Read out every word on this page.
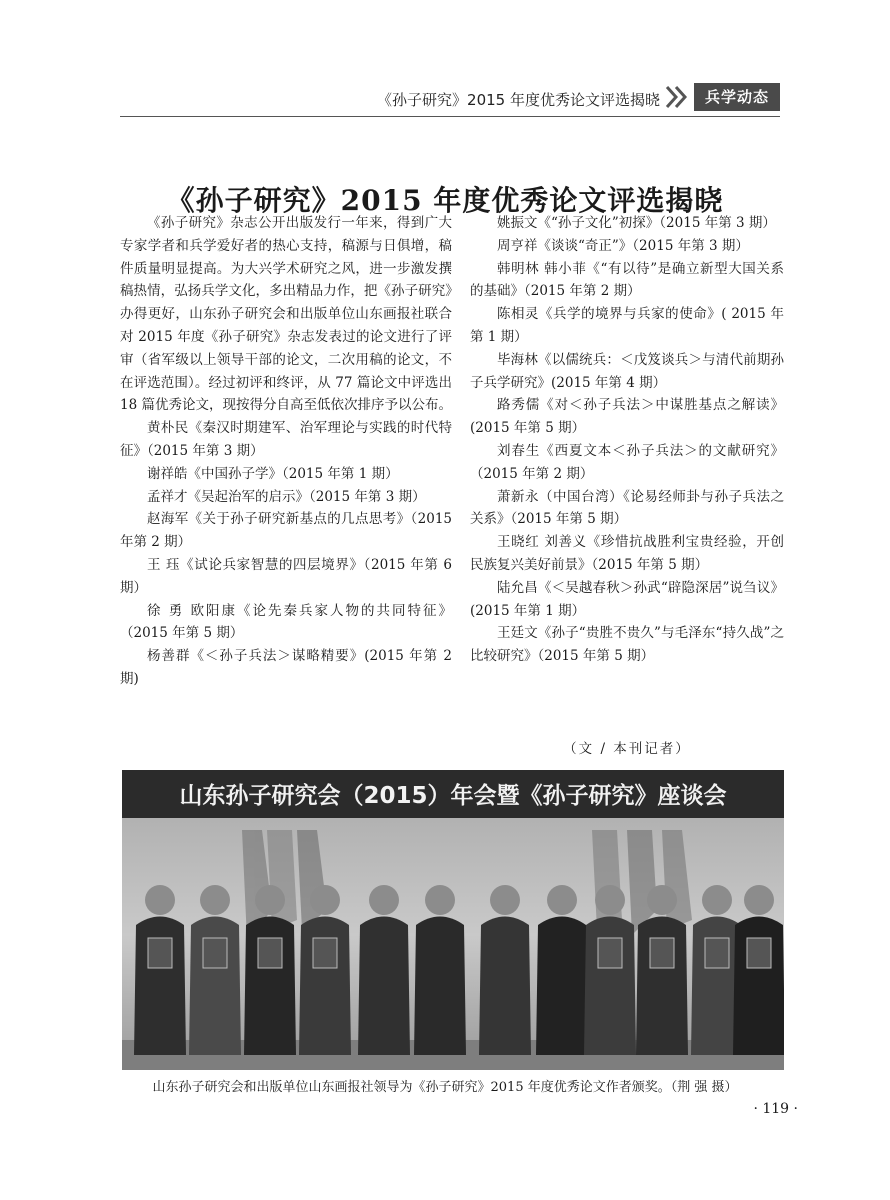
《孙子研究》2015 年度优秀论文评选揭晓	兵学动态
《孙子研究》2015 年度优秀论文评选揭晓

《孙子研究》杂志公开出版发行一年来，得到广大专家学者和兵学爱好者的热心支持，稿源与日俱增，稿件质量明显提高。为大兴学术研究之风，进一步激发撰稿热情，弘扬兵学文化，多出精品力作，把《孙子研究》办得更好，山东孙子研究会和出版单位山东画报社联合对 2015 年度《孙子研究》杂志发表过的论文进行了评审（省军级以上领导干部的论文，二次用稿的论文，不在评选范围）。经过初评和终评，从 77 篇论文中评选出 18 篇优秀论文，现按得分自高至低依次排序予以公布。

黄朴民《秦汉时期建军、治军理论与实践的时代特征》（2015 年第 3 期）

谢祥皓《中国孙子学》（2015 年第 1 期）

孟祥才《吴起治军的启示》（2015 年第 3 期）

赵海军《关于孙子研究新基点的几点思考》（2015 年第 2 期）

王 珏《试论兵家智慧的四层境界》（2015 年第 6 期）

徐 勇 欧阳康《论先秦兵家人物的共同特征》（2015 年第 5 期）

杨善群《＜孙子兵法＞谋略精要》(2015 年第 2 期)

姚振文《“孙子文化”初探》（2015 年第 3 期）

周亨祥《谈谈“奇正”》（2015 年第 3 期）

韩明林 韩小菲《“有以待”是确立新型大国关系的基础》（2015 年第 2 期）

陈相灵《兵学的境界与兵家的使命》( 2015 年第 1 期）

毕海林《以儒统兵：＜戊笈谈兵＞与清代前期孙子兵学研究》(2015 年第 4 期）

路秀儒《对＜孙子兵法＞中谋胜基点之解读》(2015 年第 5 期）

刘春生《西夏文本＜孙子兵法＞的文献研究》（2015 年第 2 期）

萧新永（中国台湾）《论易经师卦与孙子兵法之关系》（2015 年第 5 期）

王晓红 刘善义《珍惜抗战胜利宝贵经验，开创民族复兴美好前景》（2015 年第 5 期）

陆允昌《＜吴越春秋＞孙武“辟隐深居”说刍议》(2015 年第 1 期）

王廷文《孙子“贵胜不贵久”与毛泽东“持久战”之比较研究》（2015 年第 5 期）

（文 / 本刊记者）
山东孙子研究会（2015）年会暨《孙子研究》座谈会
山东孙子研究会和出版单位山东画报社领导为《孙子研究》2015 年度优秀论文作者颁奖。（荆 强 摄）
· 119 ·
